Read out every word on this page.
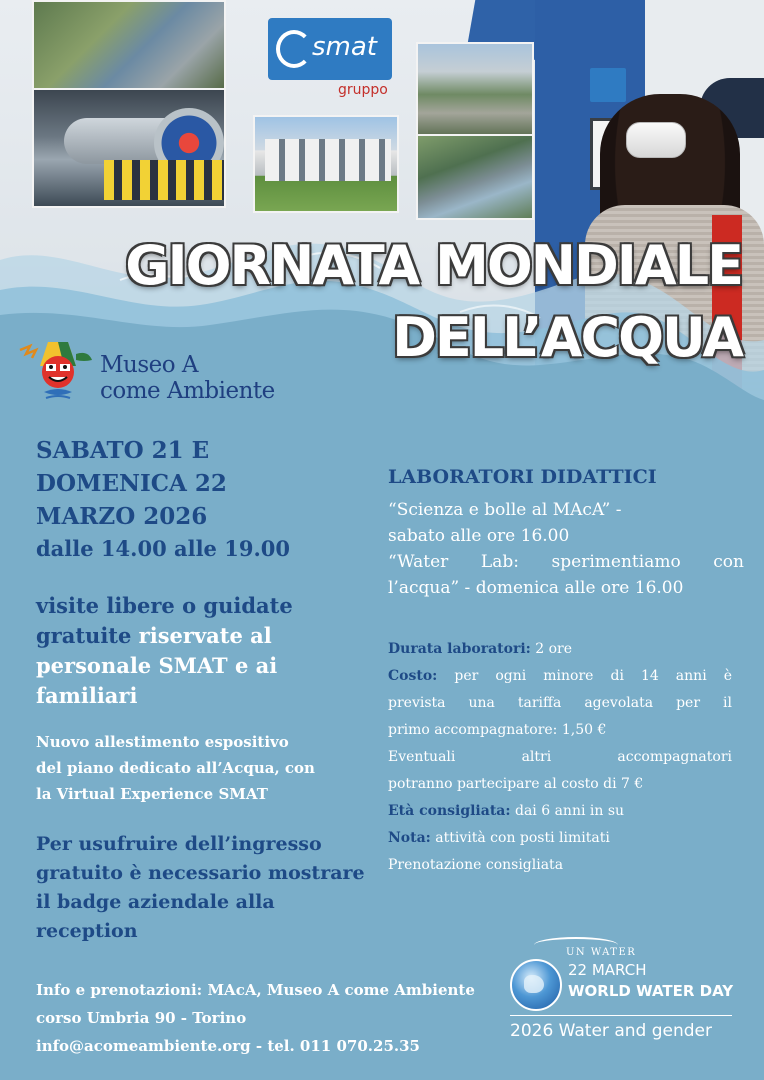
smat
gruppo
GIORNATA MONDIALE
DELL’ACQUA
Museo A
come Ambiente
SABATO 21 E
DOMENICA 22
MARZO 2026
dalle 14.00 alle 19.00
visite libere o guidate gratuite riservate al personale SMAT e ai familiari
Nuovo allestimento espositivo
del piano dedicato all’Acqua, con
la Virtual Experience SMAT
Per usufruire dell’ingresso
gratuito è necessario mostrare
il badge aziendale alla
reception
LABORATORI DIDATTICI
“Scienza e bolle al MAcA” -
sabato alle ore 16.00
“Water Lab: sperimentiamo con
l’acqua” - domenica alle ore 16.00
Durata laboratori: 2 ore
Costo: per ogni minore di 14 anni è
prevista una tariffa agevolata per il
primo accompagnatore: 1,50 €
Eventuali altri accompagnatori
potranno partecipare al costo di 7 €
Età consigliata: dai 6 anni in su
Nota: attività con posti limitati
Prenotazione consigliata
Info e prenotazioni: MAcA, Museo A come Ambiente
corso Umbria 90 - Torino
info@acomeambiente.org - tel. 011 070.25.35
UN WATER
22 MARCH
WORLD WATER DAY
2026 Water and gender
